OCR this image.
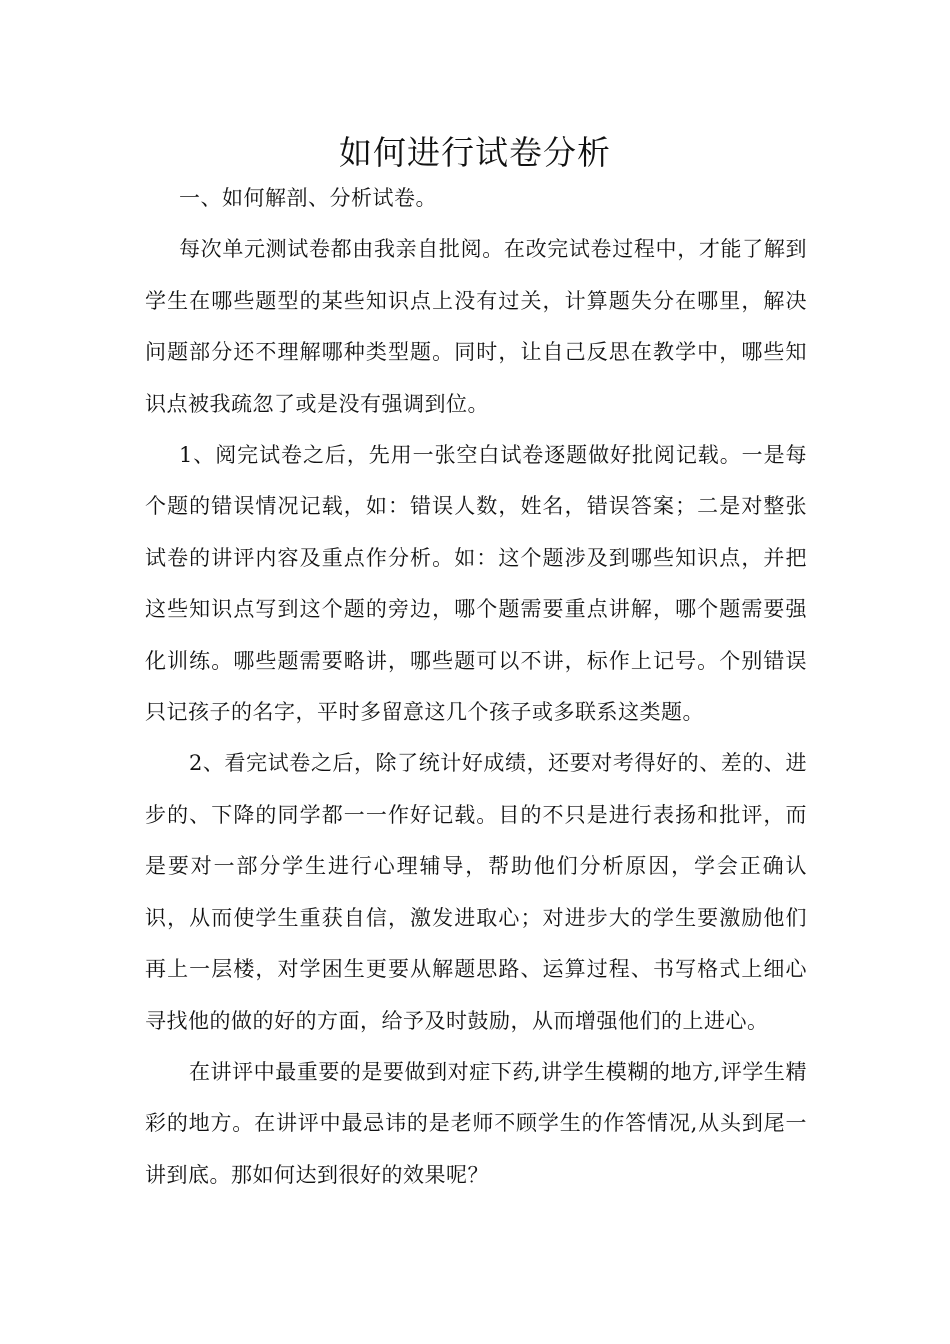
如何进行试卷分析

一、如何解剖、分析试卷。

每次单元测试卷都由我亲自批阅。在改完试卷过程中，才能了解到学生在哪些题型的某些知识点上没有过关，计算题失分在哪里，解决问题部分还不理解哪种类型题。同时，让自己反思在教学中，哪些知识点被我疏忽了或是没有强调到位。

1、阅完试卷之后，先用一张空白试卷逐题做好批阅记载。一是每个题的错误情况记载，如：错误人数，姓名，错误答案；二是对整张试卷的讲评内容及重点作分析。如：这个题涉及到哪些知识点，并把这些知识点写到这个题的旁边，哪个题需要重点讲解，哪个题需要强化训练。哪些题需要略讲，哪些题可以不讲，标作上记号。个别错误只记孩子的名字，平时多留意这几个孩子或多联系这类题。

2、看完试卷之后，除了统计好成绩，还要对考得好的、差的、进步的、下降的同学都一一作好记载。目的不只是进行表扬和批评，而是要对一部分学生进行心理辅导，帮助他们分析原因，学会正确认识，从而使学生重获自信，激发进取心；对进步大的学生要激励他们再上一层楼，对学困生更要从解题思路、运算过程、书写格式上细心寻找他的做的好的方面，给予及时鼓励，从而增强他们的上进心。

在讲评中最重要的是要做到对症下药,讲学生模糊的地方,评学生精彩的地方。在讲评中最忌讳的是老师不顾学生的作答情况,从头到尾一讲到底。那如何达到很好的效果呢？
